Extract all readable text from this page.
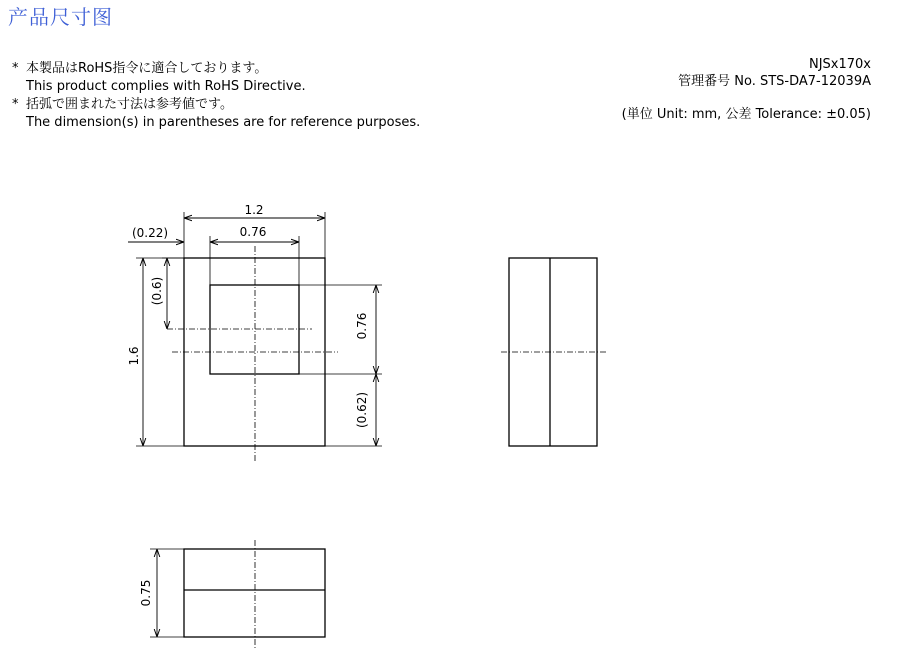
产品尺寸图
* 本製品はRoHS指令に適合しております。
This product complies with RoHS Directive.
* 括弧で囲まれた寸法は参考値です。
The dimension(s) in parentheses are for reference purposes.
NJSx170x
管理番号 No. STS-DA7-12039A
(単位 Unit: mm, 公差 Tolerance: ±0.05)
1.2
0.76
(0.22)
1.6
(0.6)
0.76
(0.62)
0.75
